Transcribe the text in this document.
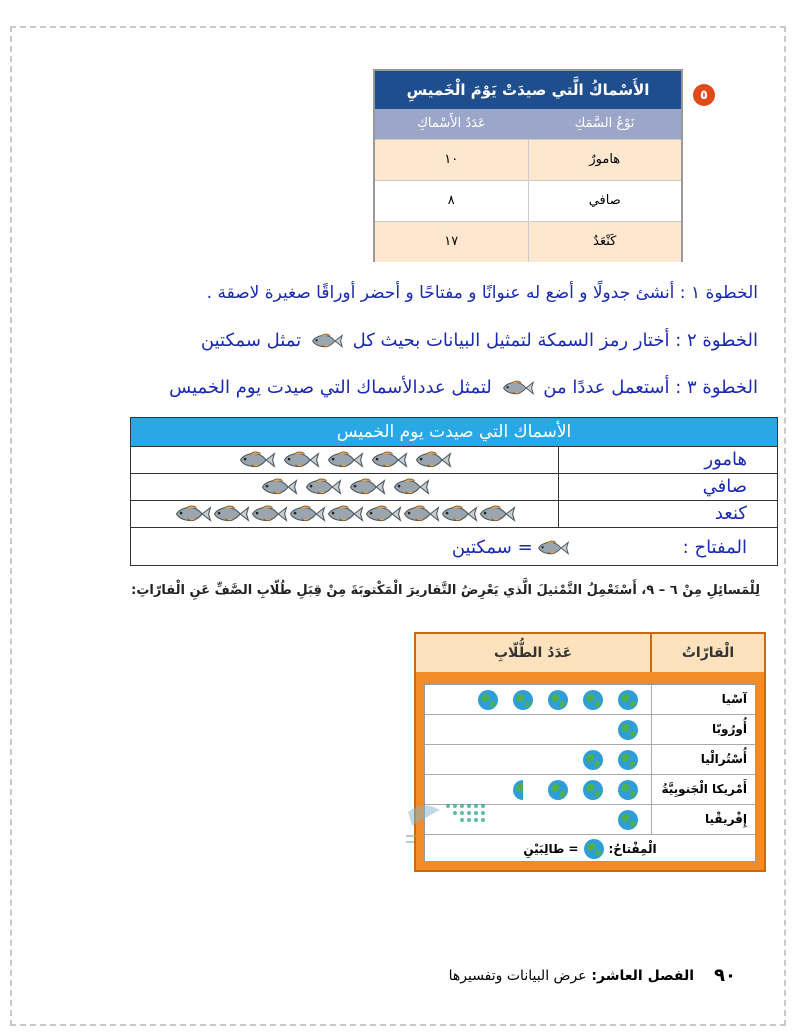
٥
الأَسْماكُ الَّتي صيدَتْ يَوْمَ الْخَميسِ
نَوْعُ السَّمَكِ
عَدَدُ الأَسْماكِ
هامورٌ
١٠
صافي
٨
كَنْعَدٌ
١٧
الخطوة ١ : أنشئ جدولًا و أضع له عنوانًا و مفتاحًا و أحضر أوراقًا صغيرة لاصقة .
الخطوة ٢ : أختار رمز السمكة لتمثيل البيانات بحيث كل  تمثل سمكتين
الخطوة ٣ : أستعمل عددًا من  لتمثل عددالأسماك التي صيدت يوم الخميس
الأسماك التي صيدت يوم الخميس
هامور
صافي
كنعد
المفتاح :
= سمكتين
لِلْمَسائِلِ مِنْ ٦ – ٩، أَسْتَعْمِلُ التَّمْثيلَ الَّذي يَعْرِضُ التَّقاريرَ الْمَكْتوبَةَ مِنْ قِبَلِ طُلّابِ الصَّفِّ عَنِ الْقارّاتِ:
الْقارّاتُ
عَدَدُ الطُّلّابِ
آسْيا
أُورُوبّا
أُسْتُرالْيا
أَمْريكا الْجَنوبِيَّةُ
إِفْريقْيا
الْمِفْتاحُ:
= طالِبَيْنِ
٩٠
الفصل العاشر: عرض البيانات وتفسيرها
